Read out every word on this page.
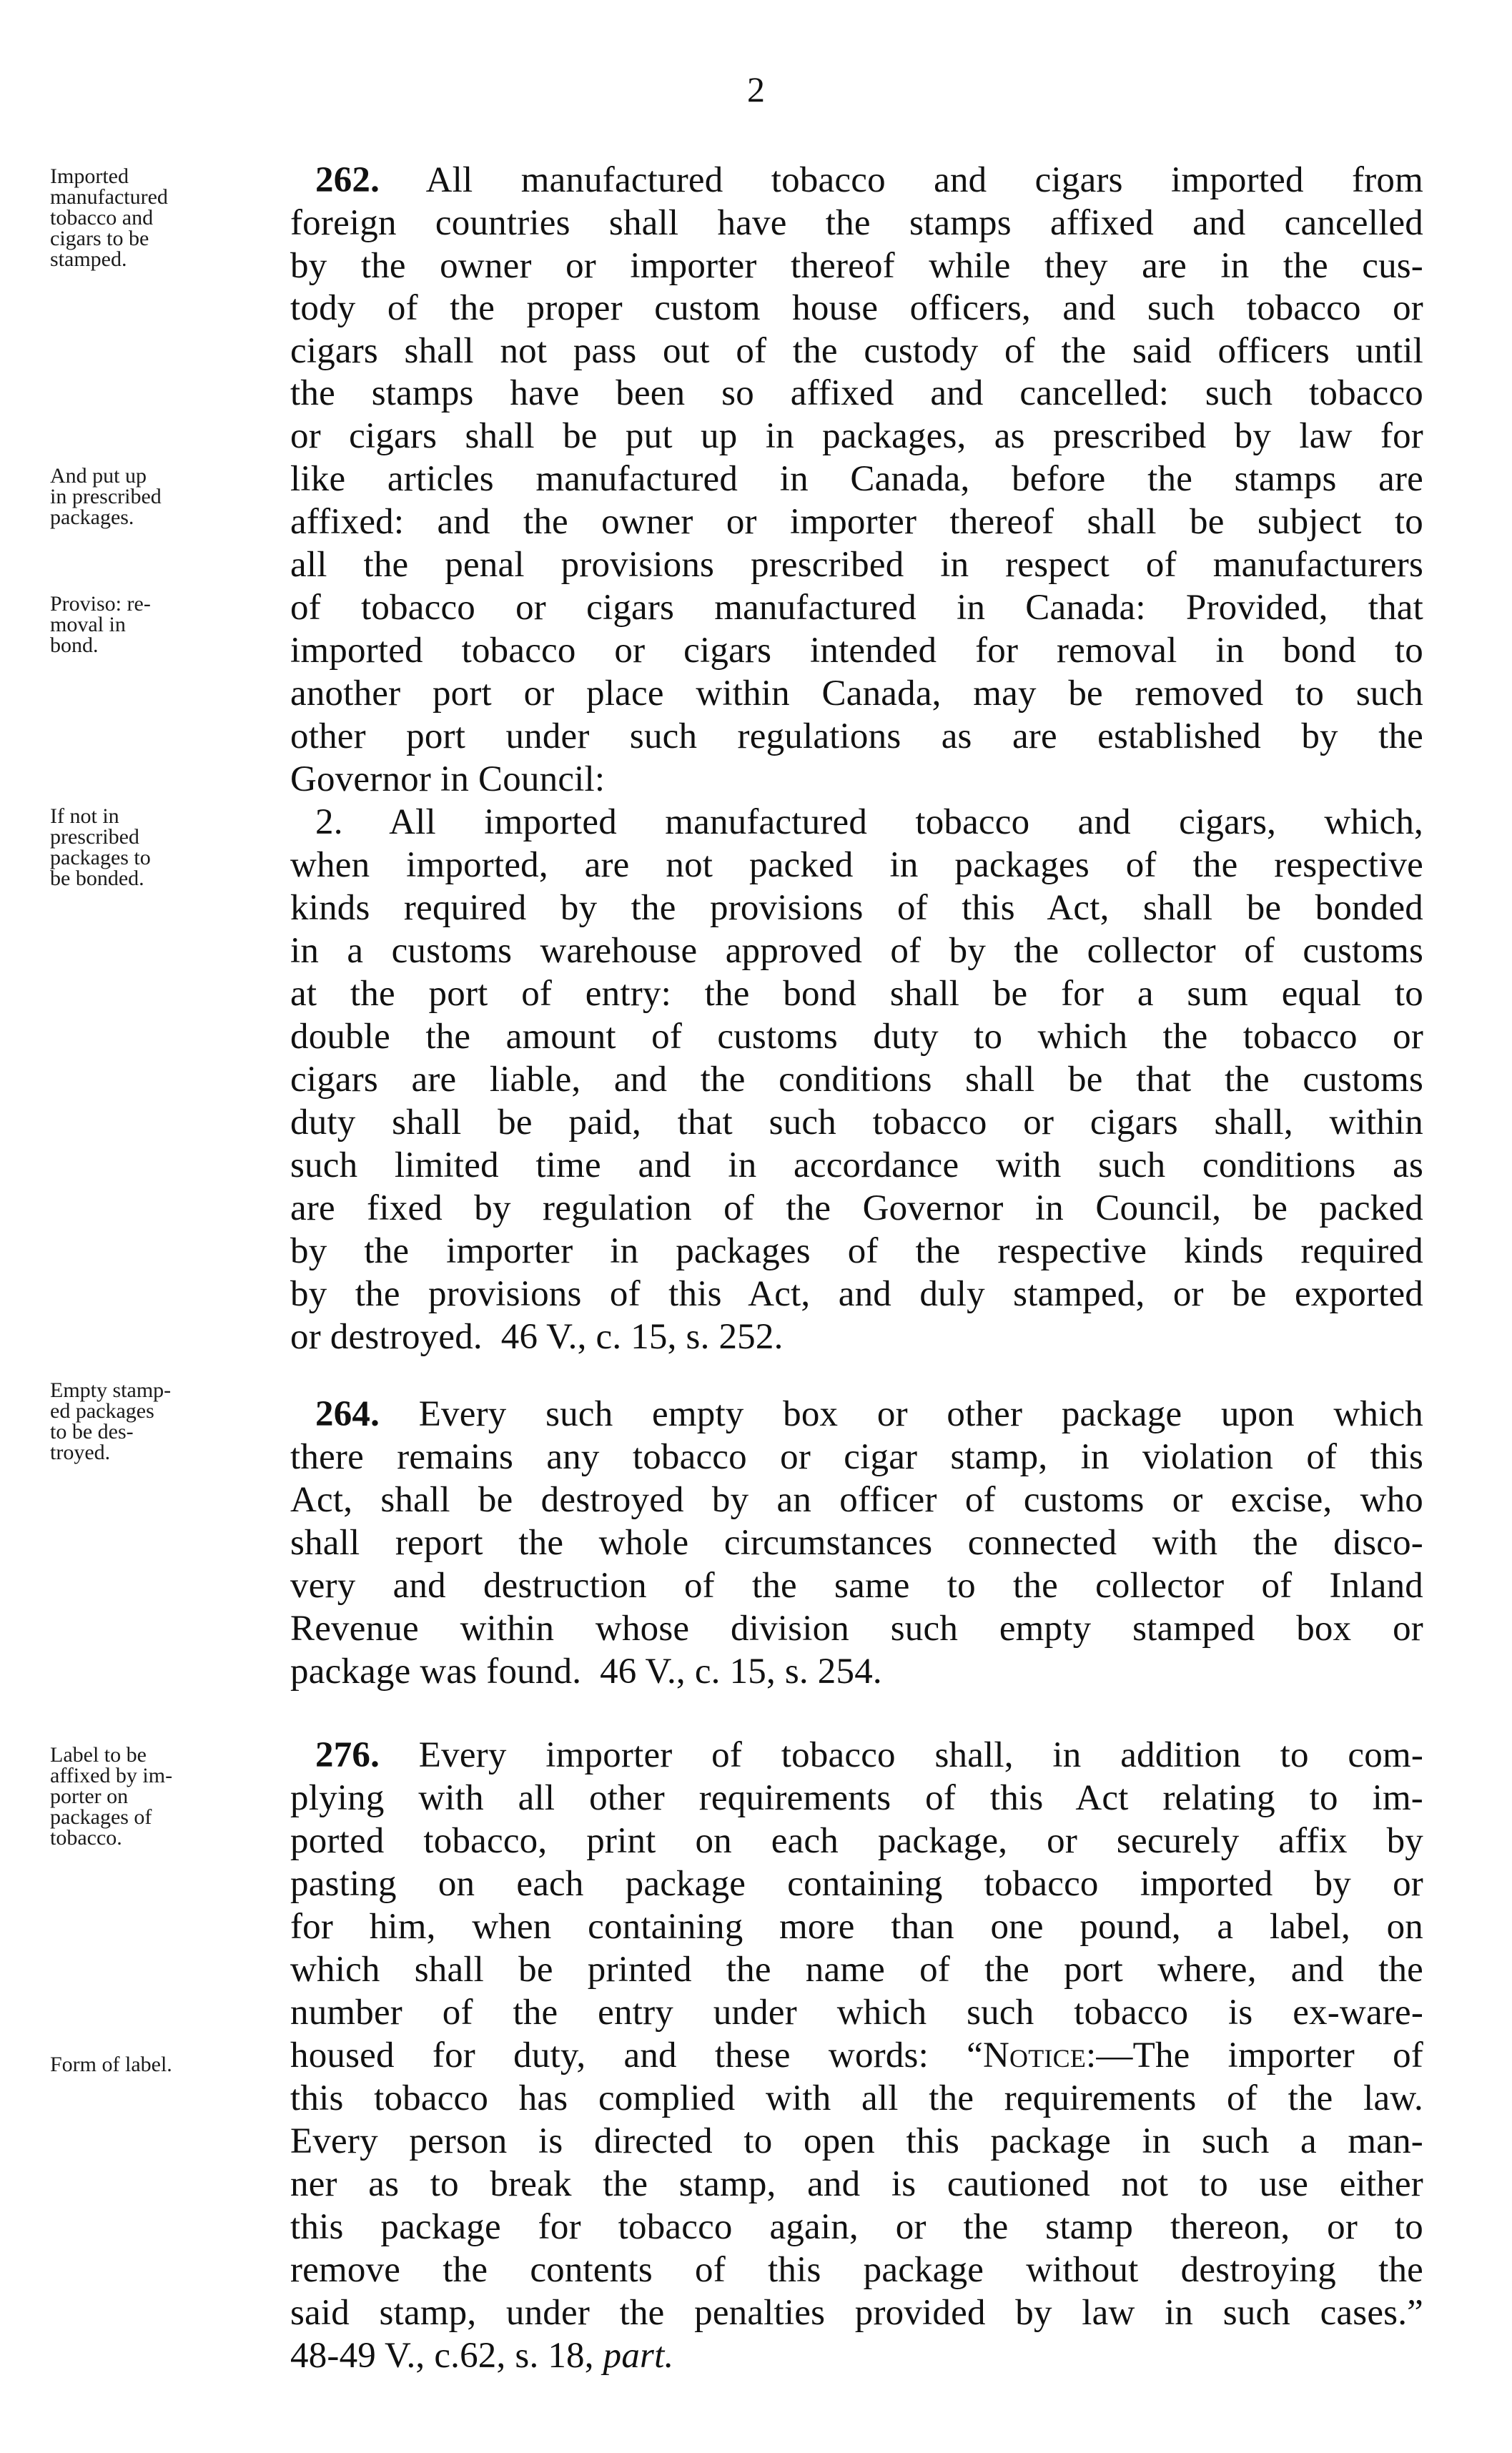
2
Imported
manufactured
tobacco and
cigars to be
stamped.
And put up
in prescribed
packages.
Proviso: re-
moval in
bond.
If not in
prescribed
packages to
be bonded.
Empty stamp-
ed packages
to be des-
troyed.
Label to be
affixed by im-
porter on
packages of
tobacco.
Form of label.
262. All manufactured tobacco and cigars imported from
foreign countries shall have the stamps affixed and cancelled
by the owner or importer thereof while they are in the cus-
tody of the proper custom house officers, and such tobacco or
cigars shall not pass out of the custody of the said officers until
the stamps have been so affixed and cancelled: such tobacco
or cigars shall be put up in packages, as prescribed by law for
like articles manufactured in Canada, before the stamps are
affixed: and the owner or importer thereof shall be subject to
all the penal provisions prescribed in respect of manufacturers
of tobacco or cigars manufactured in Canada: Provided, that
imported tobacco or cigars intended for removal in bond to
another port or place within Canada, may be removed to such
other port under such regulations as are established by the
Governor in Council:
2. All imported manufactured tobacco and cigars, which,
when imported, are not packed in packages of the respective
kinds required by the provisions of this Act, shall be bonded
in a customs warehouse approved of by the collector of customs
at the port of entry: the bond shall be for a sum equal to
double the amount of customs duty to which the tobacco or
cigars are liable, and the conditions shall be that the customs
duty shall be paid, that such tobacco or cigars shall, within
such limited time and in accordance with such conditions as
are fixed by regulation of the Governor in Council, be packed
by the importer in packages of the respective kinds required
by the provisions of this Act, and duly stamped, or be exported
or destroyed.  46 V., c. 15, s. 252.
264. Every such empty box or other package upon which
there remains any tobacco or cigar stamp, in violation of this
Act, shall be destroyed by an officer of customs or excise, who
shall report the whole circumstances connected with the disco-
very and destruction of the same to the collector of Inland
Revenue within whose division such empty stamped box or
package was found.  46 V., c. 15, s. 254.
276. Every importer of tobacco shall, in addition to com-
plying with all other requirements of this Act relating to im-
ported tobacco, print on each package, or securely affix by
pasting on each package containing tobacco imported by or
for him, when containing more than one pound, a label, on
which shall be printed the name of the port where, and the
number of the entry under which such tobacco is ex-ware-
housed for duty, and these words: “Notice:—The importer of
this tobacco has complied with all the requirements of the law.
Every person is directed to open this package in such a man-
ner as to break the stamp, and is cautioned not to use either
this package for tobacco again, or the stamp thereon, or to
remove the contents of this package without destroying the
said stamp, under the penalties provided by law in such cases.”
48-49 V., c.62, s. 18, part.
